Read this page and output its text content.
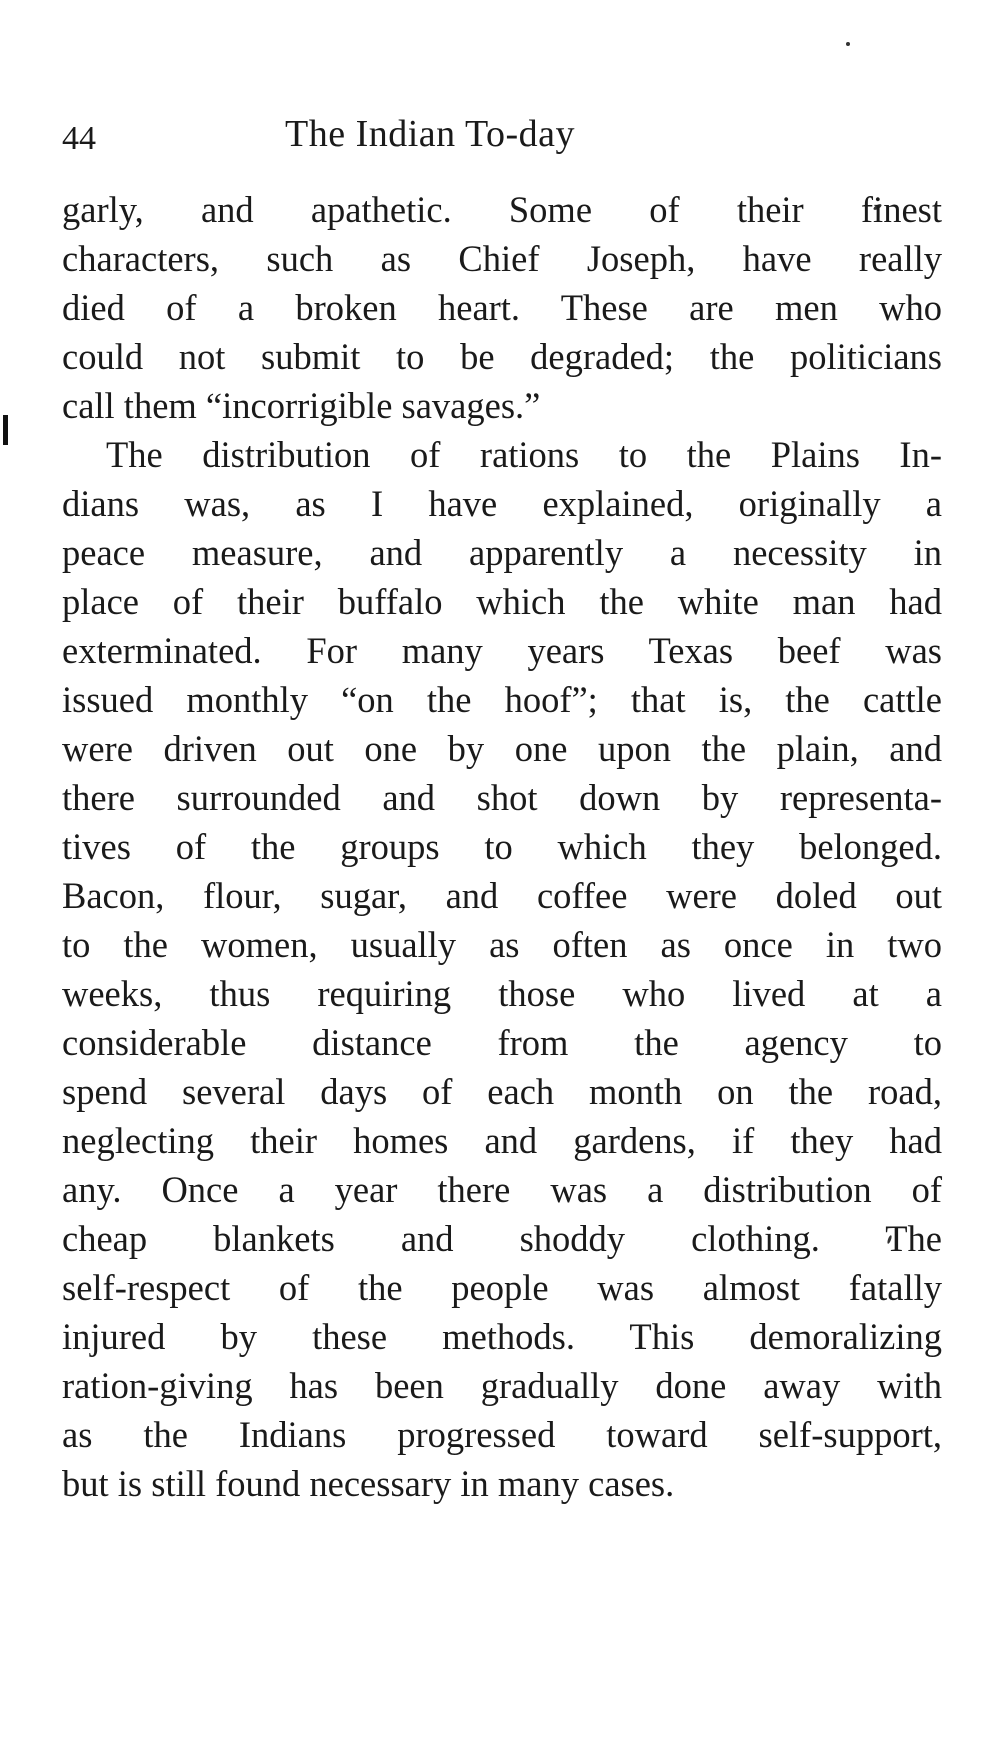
44	The Indian To-day
garly, and apathetic. Some of their finest
characters, such as Chief Joseph, have really
died of a broken heart. These are men who
could not submit to be degraded; the politicians
call them “incorrigible savages.”
The distribution of rations to the Plains In-
dians was, as I have explained, originally a
peace measure, and apparently a necessity in
place of their buffalo which the white man had
exterminated. For many years Texas beef was
issued monthly “on the hoof”; that is, the cattle
were driven out one by one upon the plain, and
there surrounded and shot down by representa-
tives of the groups to which they belonged.
Bacon, flour, sugar, and coffee were doled out
to the women, usually as often as once in two
weeks, thus requiring those who lived at a
considerable distance from the agency to
spend several days of each month on the road,
neglecting their homes and gardens, if they had
any. Once a year there was a distribution of
cheap blankets and shoddy clothing. The
self-respect of the people was almost fatally
injured by these methods. This demoralizing
ration-giving has been gradually done away with
as the Indians progressed toward self-support,
but is still found necessary in many cases.
